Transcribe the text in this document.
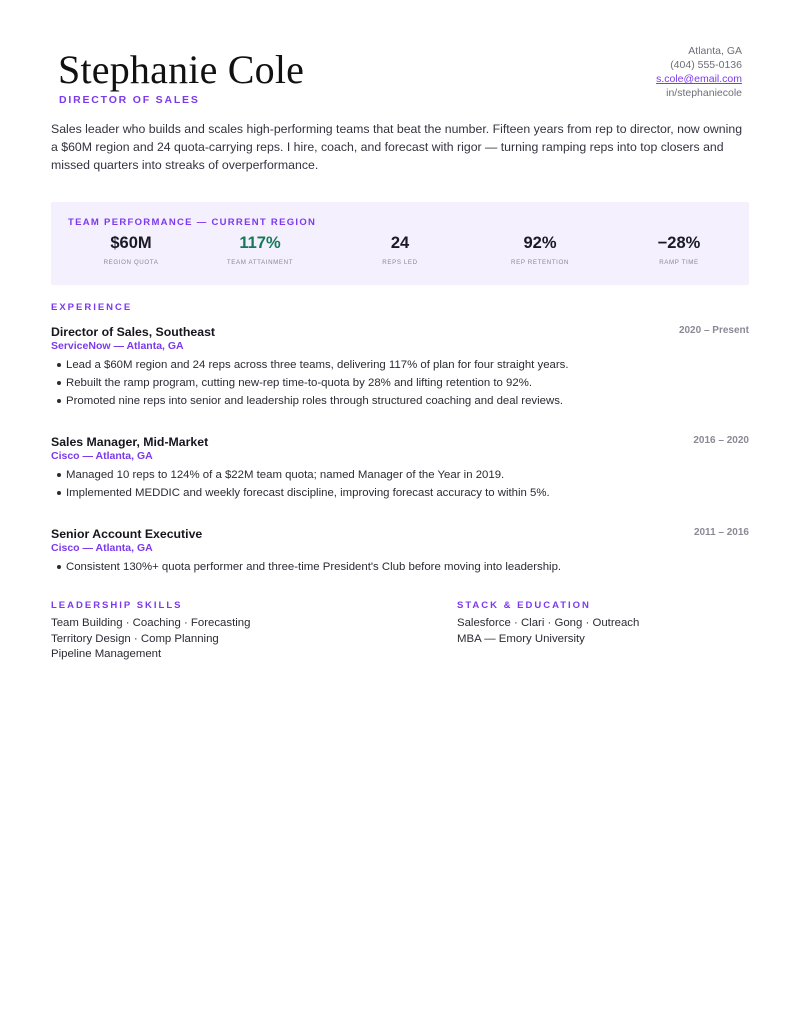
Stephanie Cole
DIRECTOR OF SALES
Atlanta, GA
(404) 555-0136
s.cole@email.com
in/stephaniecole
Sales leader who builds and scales high-performing teams that beat the number. Fifteen years from rep to director, now owning a $60M region and 24 quota-carrying reps. I hire, coach, and forecast with rigor — turning ramping reps into top closers and missed quarters into streaks of overperformance.
TEAM PERFORMANCE — CURRENT REGION
$60M
REGION QUOTA
117%
TEAM ATTAINMENT
24
REPS LED
92%
REP RETENTION
−28%
RAMP TIME
EXPERIENCE
Director of Sales, Southeast	2020 – Present
ServiceNow — Atlanta, GA
Lead a $60M region and 24 reps across three teams, delivering 117% of plan for four straight years.
Rebuilt the ramp program, cutting new-rep time-to-quota by 28% and lifting retention to 92%.
Promoted nine reps into senior and leadership roles through structured coaching and deal reviews.
Sales Manager, Mid-Market	2016 – 2020
Cisco — Atlanta, GA
Managed 10 reps to 124% of a $22M team quota; named Manager of the Year in 2019.
Implemented MEDDIC and weekly forecast discipline, improving forecast accuracy to within 5%.
Senior Account Executive	2011 – 2016
Cisco — Atlanta, GA
Consistent 130%+ quota performer and three-time President's Club before moving into leadership.
LEADERSHIP SKILLS
Team Building · Coaching · Forecasting
Territory Design · Comp Planning
Pipeline Management
STACK & EDUCATION
Salesforce · Clari · Gong · Outreach
MBA — Emory University
